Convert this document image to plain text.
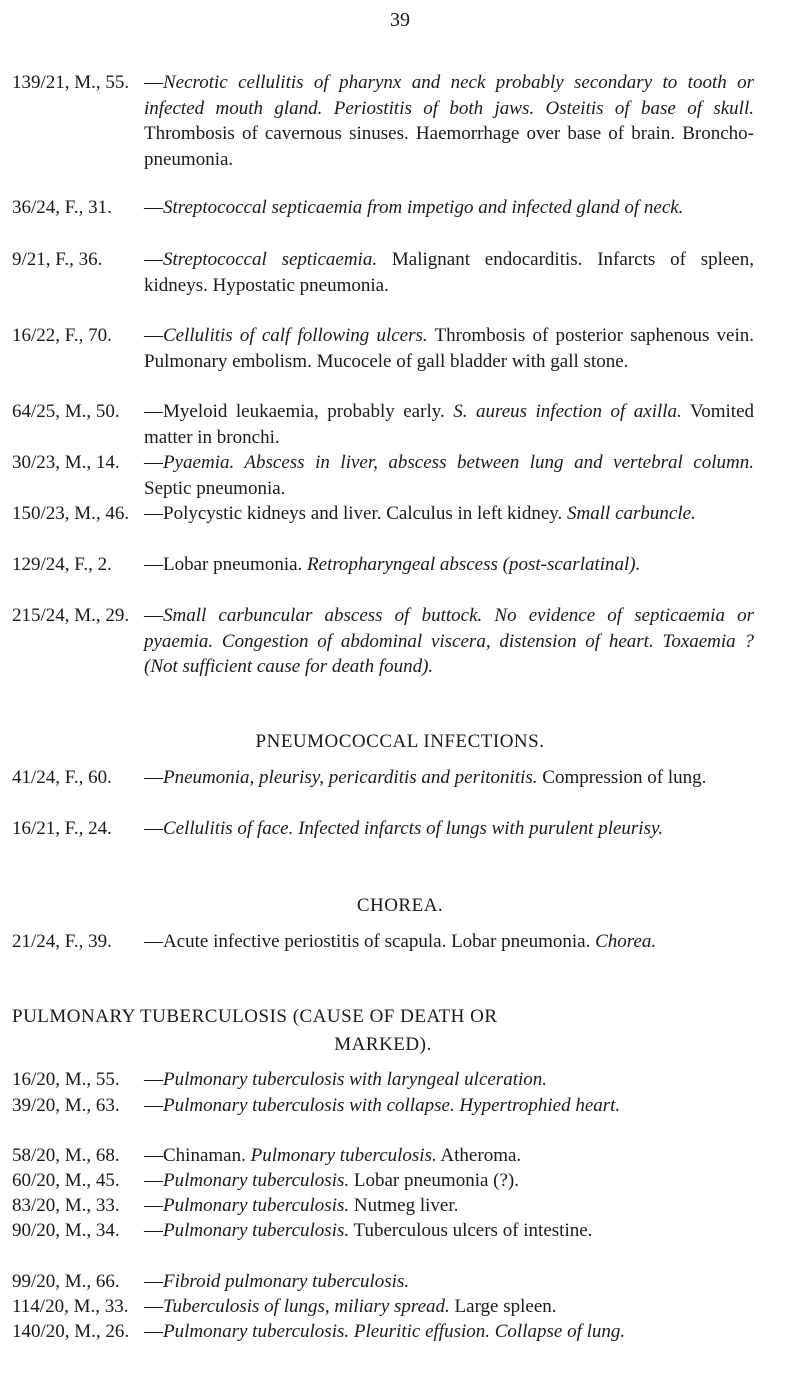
39
139/21, M., 55. —Necrotic cellulitis of pharynx and neck probably secondary to tooth or infected mouth gland. Periostitis of both jaws. Osteitis of base of skull. Thrombosis of cavernous sinuses. Haemorrhage over base of brain. Broncho-pneumonia.
36/24, F., 31. —Streptococcal septicaemia from impetigo and infected gland of neck.
9/21, F., 36. —Streptococcal septicaemia. Malignant endocarditis. Infarcts of spleen, kidneys. Hypostatic pneumonia.
16/22, F., 70. —Cellulitis of calf following ulcers. Thrombosis of posterior saphenous vein. Pulmonary embolism. Mucocele of gall bladder with gall stone.
64/25, M., 50. —Myeloid leukaemia, probably early. S. aureus infection of axilla. Vomited matter in bronchi.
30/23, M., 14. —Pyaemia. Abscess in liver, abscess between lung and vertebral column. Septic pneumonia.
150/23, M., 46. —Polycystic kidneys and liver. Calculus in left kidney. Small carbuncle.
129/24, F., 2. —Lobar pneumonia. Retropharyngeal abscess (post-scarlatinal).
215/24, M., 29. —Small carbuncular abscess of buttock. No evidence of septicaemia or pyaemia. Congestion of abdominal viscera, distension of heart. Toxaemia ? (Not sufficient cause for death found).
PNEUMOCOCCAL INFECTIONS.
41/24, F., 60. —Pneumonia, pleurisy, pericarditis and peritonitis. Compression of lung.
16/21, F., 24. —Cellulitis of face. Infected infarcts of lungs with purulent pleurisy.
CHOREA.
21/24, F., 39. —Acute infective periostitis of scapula. Lobar pneumonia. Chorea.
PULMONARY TUBERCULOSIS (CAUSE OF DEATH OR
MARKED).
16/20, M., 55. —Pulmonary tuberculosis with laryngeal ulceration.
39/20, M., 63. —Pulmonary tuberculosis with collapse. Hypertrophied heart.
58/20, M., 68. —Chinaman. Pulmonary tuberculosis. Atheroma.
60/20, M., 45. —Pulmonary tuberculosis. Lobar pneumonia (?).
83/20, M., 33. —Pulmonary tuberculosis. Nutmeg liver.
90/20, M., 34. —Pulmonary tuberculosis. Tuberculous ulcers of intestine.
99/20, M., 66. —Fibroid pulmonary tuberculosis.
114/20, M., 33. —Tuberculosis of lungs, miliary spread. Large spleen.
140/20, M., 26. —Pulmonary tuberculosis. Pleuritic effusion. Collapse of lung.
